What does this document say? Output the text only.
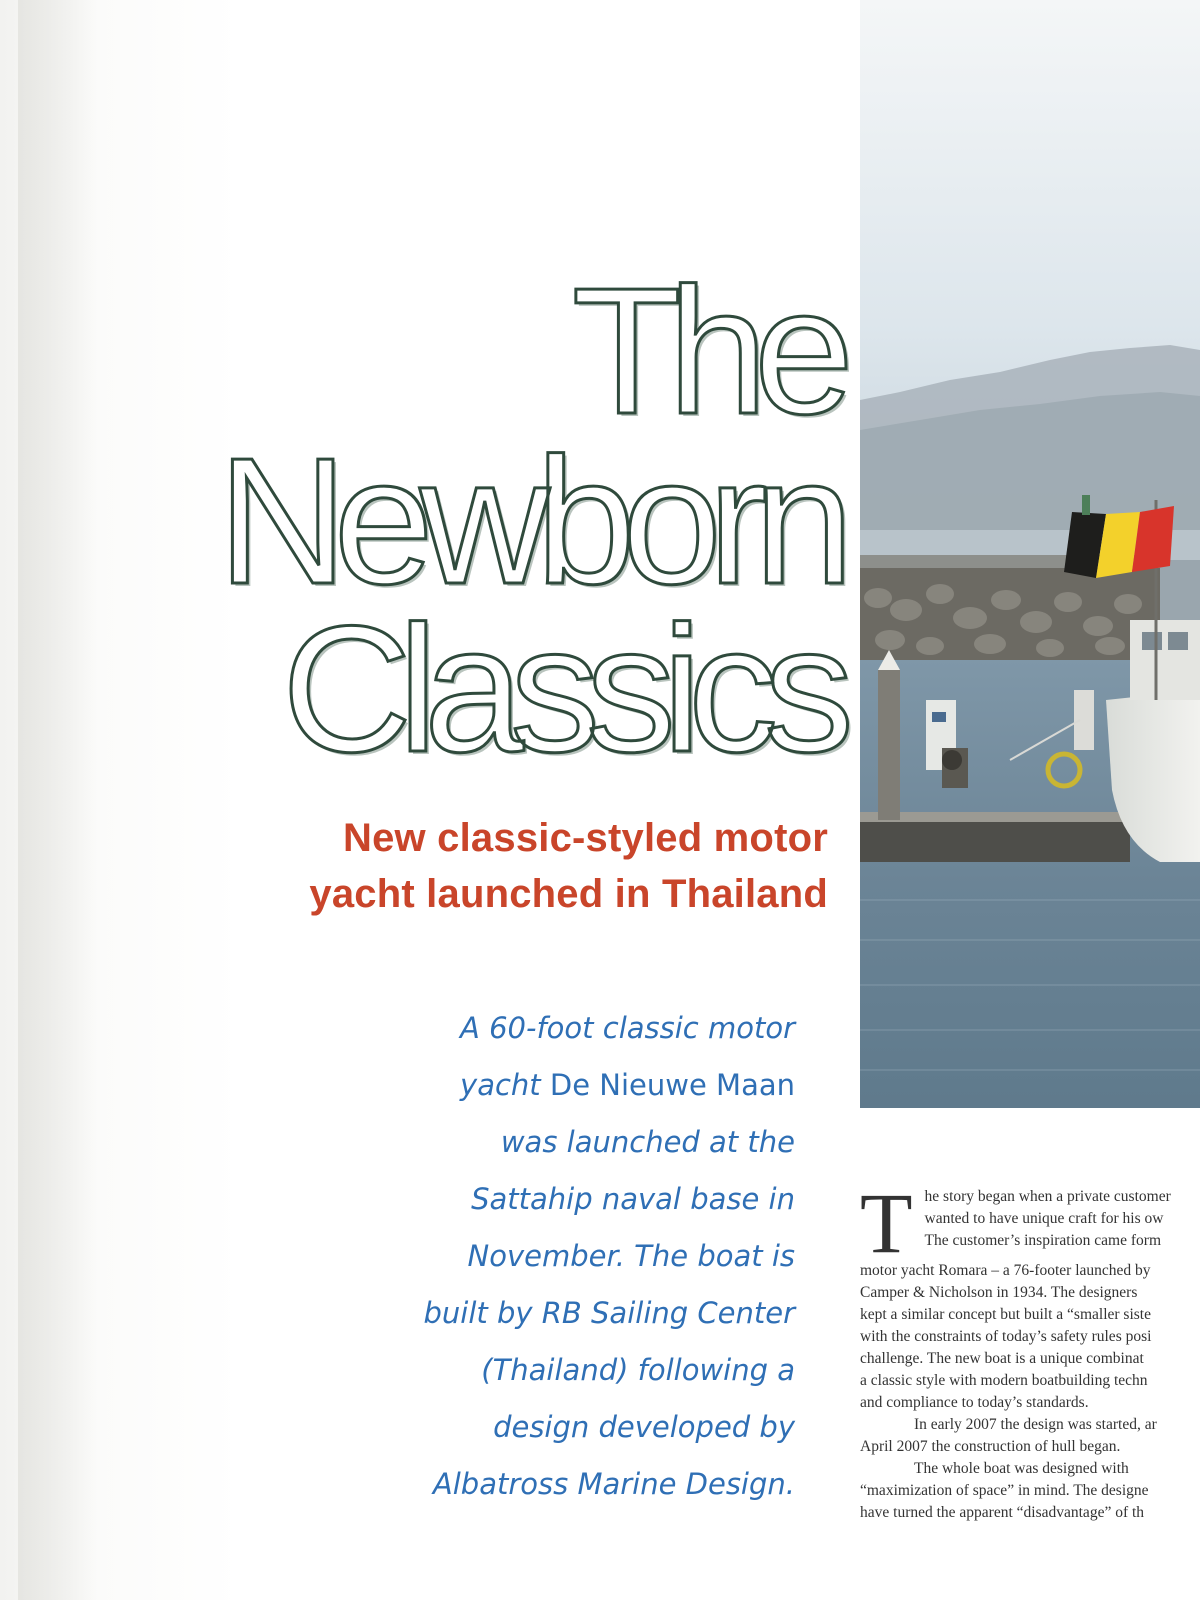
The
Newborn
Classics
New classic-styled motor
yacht launched in Thailand
A 60-foot classic motor
yacht De Nieuwe Maan
was launched at the
Sattahip naval base in
November. The boat is
built by RB Sailing Center
(Thailand) following a
design developed by
Albatross Marine Design.
T he story began when a private customer
wanted to have unique craft for his ow
The customer’s inspiration came form
motor yacht Romara – a 76-footer launched by
Camper & Nicholson in 1934. The designers
kept a similar concept but built a “smaller siste
with the constraints of today’s safety rules posi
challenge. The new boat is a unique combinat
a classic style with modern boatbuilding techn
and compliance to today’s standards.
In early 2007 the design was started, ar
April 2007 the construction of hull began.
The whole boat was designed with
“maximization of space” in mind. The designe
have turned the apparent “disadvantage” of th
